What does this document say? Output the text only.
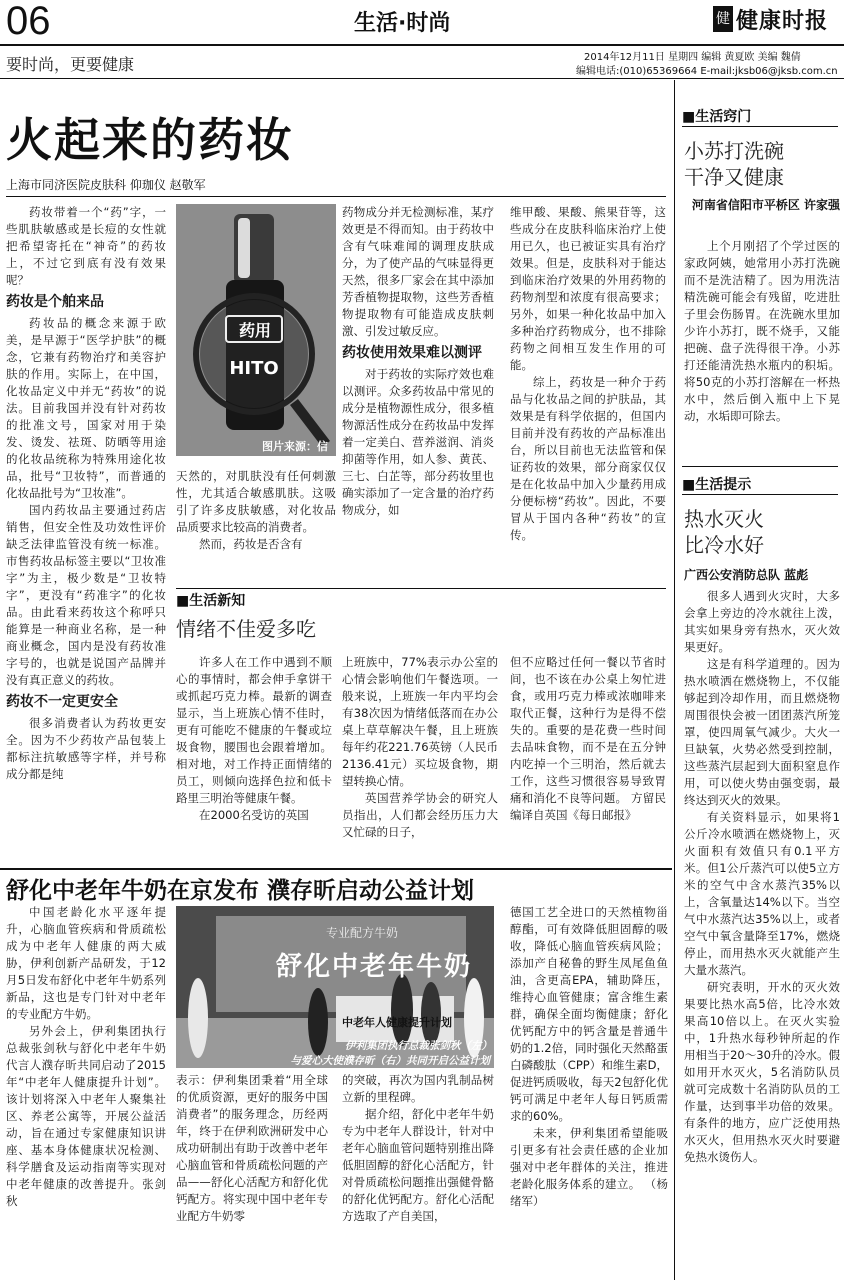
06	生活·时尚	健 健康时报
要时尚，更要健康	2014年12月11日 星期四 编辑 黄夏欧 美编 魏倩
编辑电话:(010)65369664 E-mail:jksb06@jksb.com.cn
火起来的药妆
上海市同济医院皮肤科 仰珈仪 赵敬军

药妆带着一个“药”字，一些肌肤敏感或是长痘的女性就把希望寄托在“神奇”的药妆上，不过它到底有没有效果呢？

药妆是个舶来品

药妆品的概念来源于欧美，是早源于“医学护肤”的概念，它兼有药物治疗和美容护肤的作用。实际上，在中国，化妆品定义中并无“药妆”的说法。目前我国并没有针对药妆的批准文号，国家对用于染发、烫发、祛斑、防晒等用途的化妆品统称为特殊用途化妆品，批号“卫妆特”，而普通的化妆品批号为“卫妆准”。

国内药妆品主要通过药店销售，但安全性及功效性评价缺乏法律监管没有统一标准。市售药妆品标签主要以“卫妆准字”为主，极少数是“卫妆特字”，更没有“药准字”的化妆品。由此看来药妆这个称呼只能算是一种商业名称，是一种商业概念，国内是没有药妆准字号的，也就是说国产品牌并没有真正意义的药妆。

药妆不一定更安全

很多消费者认为药妆更安全。因为不少药妆产品包装上都标注抗敏感等字样，并号称成分都是纯

HITO
图片来源：信制图
药用

天然的，对肌肤没有任何刺激性，尤其适合敏感肌肤。这吸引了许多皮肤敏感，对化妆品品质要求比较高的消费者。

然而，药妆是否含有

药物成分并无检测标准，某疗效更是不得而知。由于药妆中含有气味难闻的调理皮肤成分，为了使产品的气味显得更天然，很多厂家会在其中添加芳香植物提取物，这些芳香植物提取物有可能造成皮肤刺激、引发过敏反应。

药妆使用效果难以测评

对于药妆的实际疗效也难以测评。众多药妆品中常见的成分是植物源性成分，很多植物源活性成分在药妆品中发挥着一定美白、营养滋润、消炎抑菌等作用，如人参、黄芪、三七、白芷等，部分药妆里也确实添加了一定含量的治疗药物成分，如

维甲酸、果酸、熊果苷等，这些成分在皮肤科临床治疗上使用已久，也已被证实具有治疗效果。但是，皮肤科对于能达到临床治疗效果的外用药物的药物剂型和浓度有很高要求；另外，如果一种化妆品中加入多种治疗药物成分，也不排除药物之间相互发生作用的可能。

综上，药妆是一种介于药品与化妆品之间的护肤品，其效果是有科学依据的，但国内目前并没有药妆的产品标准出台，所以目前也无法监管和保证药妆的效果，部分商家仅仅是在化妆品中加入少量药用成分便标榜“药妆”。因此，不要冒从于国内各种“药妆”的宣传。

■生活新知
情绪不佳爱多吃

许多人在工作中遇到不顺心的事情时，都会伸手拿饼干或抓起巧克力棒。最新的调查显示，当上班族心情不佳时，更有可能吃不健康的午餐或垃圾食物，腰围也会跟着增加。相对地，对工作持正面情绪的员工，则倾向选择色拉和低卡路里三明治等健康午餐。

在2000名受访的英国

上班族中，77%表示办公室的心情会影响他们午餐选项。一般来说，上班族一年内平均会有38次因为情绪低落而在办公桌上草草解决午餐，且上班族每年约花221.76英镑（人民币2136.41元）买垃圾食物，期望转换心情。

英国营养学协会的研究人员指出，人们都会经历压力大又忙碌的日子，

但不应略过任何一餐以节省时间，也不该在办公桌上匆忙进食，或用巧克力棒或浓咖啡来取代正餐，这种行为是得不偿失的。重要的是花费一些时间去品味食物，而不是在五分钟内吃掉一个三明治，然后就去工作，这些习惯很容易导致胃痛和消化不良等问题。 方留民编译自英国《每日邮报》

舒化中老年牛奶在京发布 濮存昕启动公益计划

中国老龄化水平逐年提升，心脑血管疾病和骨质疏松成为中老年人健康的两大威胁，伊利创新产品研发，于12月5日发布舒化中老年牛奶系列新品，这也是专门针对中老年的专业配方牛奶。

另外会上，伊利集团执行总裁张剑秋与舒化中老年牛奶代言人濮存昕共同启动了2015年“中老年人健康提升计划”。该计划将深入中老年人聚集社区、养老公寓等，开展公益活动，旨在通过专家健康知识讲座、基本身体健康状况检测、科学膳食及运动指南等实现对中老年健康的改善提升。张剑秋

专业配方牛奶
舒化中老年牛奶
中老年人健康提升计划
伊利集团执行总裁张剑秋（左）
与爱心大使濮存昕（右）共同开启公益计划

表示：伊利集团秉着“用全球的优质资源，更好的服务中国消费者”的服务理念，历经两年，终于在伊利欧洲研发中心成功研制出有助于改善中老年心脑血管和骨质疏松问题的产品——舒化心活配方和舒化优钙配方。将实现中国中老年专业配方牛奶零

的突破，再次为国内乳制品树立新的里程碑。

据介绍，舒化中老年牛奶专为中老年人群设计，针对中老年心脑血管问题特别推出降低胆固醇的舒化心活配方，针对骨质疏松问题推出强健骨骼的舒化优钙配方。舒化心活配方选取了产自美国，

德国工艺全进口的天然植物甾醇酯，可有效降低胆固醇的吸收，降低心脑血管疾病风险；添加产自秘鲁的野生凤尾鱼鱼油，含更高EPA，辅助降压，维持心血管健康；富含维生素群，确保全面均衡健康；舒化优钙配方中的钙含量是普通牛奶的1.2倍，同时强化天然酪蛋白磷酸肽（CPP）和维生素D，促进钙质吸收，每天2包舒化优钙可满足中老年人每日钙质需求的60%。

未来，伊利集团希望能吸引更多有社会责任感的企业加强对中老年群体的关注，推进老龄化服务体系的建立。 （杨绪军）

■生活窍门
小苏打洗碗
干净又健康
河南省信阳市平桥区 许家强

上个月刚招了个学过医的家政阿姨，她常用小苏打洗碗而不是洗洁精了。因为用洗洁精洗碗可能会有残留，吃进肚子里会伤肠胃。在洗碗水里加少许小苏打，既不烧手，又能把碗、盘子洗得很干净。小苏打还能清洗热水瓶内的积垢。将50克的小苏打溶解在一杯热水中，然后倒入瓶中上下晃动，水垢即可除去。

■生活提示
热水灭火
比冷水好
广西公安消防总队 蓝彪

很多人遇到火灾时，大多会拿上旁边的冷水就往上泼，其实如果身旁有热水，灭火效果更好。

这是有科学道理的。因为热水喷洒在燃烧物上，不仅能够起到冷却作用，而且燃烧物周围很快会被一团团蒸汽所笼罩，使四周氧气减少。大火一旦缺氧，火势必然受到控制，这些蒸汽层起到大面积窒息作用，可以使火势由强变弱，最终达到灭火的效果。

有关资料显示，如果将1公斤冷水喷洒在燃烧物上，灭火面积有效值只有0.1平方米。但1公斤蒸汽可以使5立方米的空气中含水蒸汽35%以上，含氧量达14%以下。当空气中水蒸汽达35%以上，或者空气中氧含量降至17%，燃烧停止，而用热水灭火就能产生大量水蒸汽。

研究表明，开水的灭火效果要比热水高5倍，比冷水效果高10倍以上。在灭火实验中，1升热水每秒钟所起的作用相当于20～30升的冷水。假如用开水灭火，5名消防队员就可完成数十名消防队员的工作量，达到事半功倍的效果。有条件的地方，应广泛使用热水灭火，但用热水灭火时要避免热水烫伤人。
